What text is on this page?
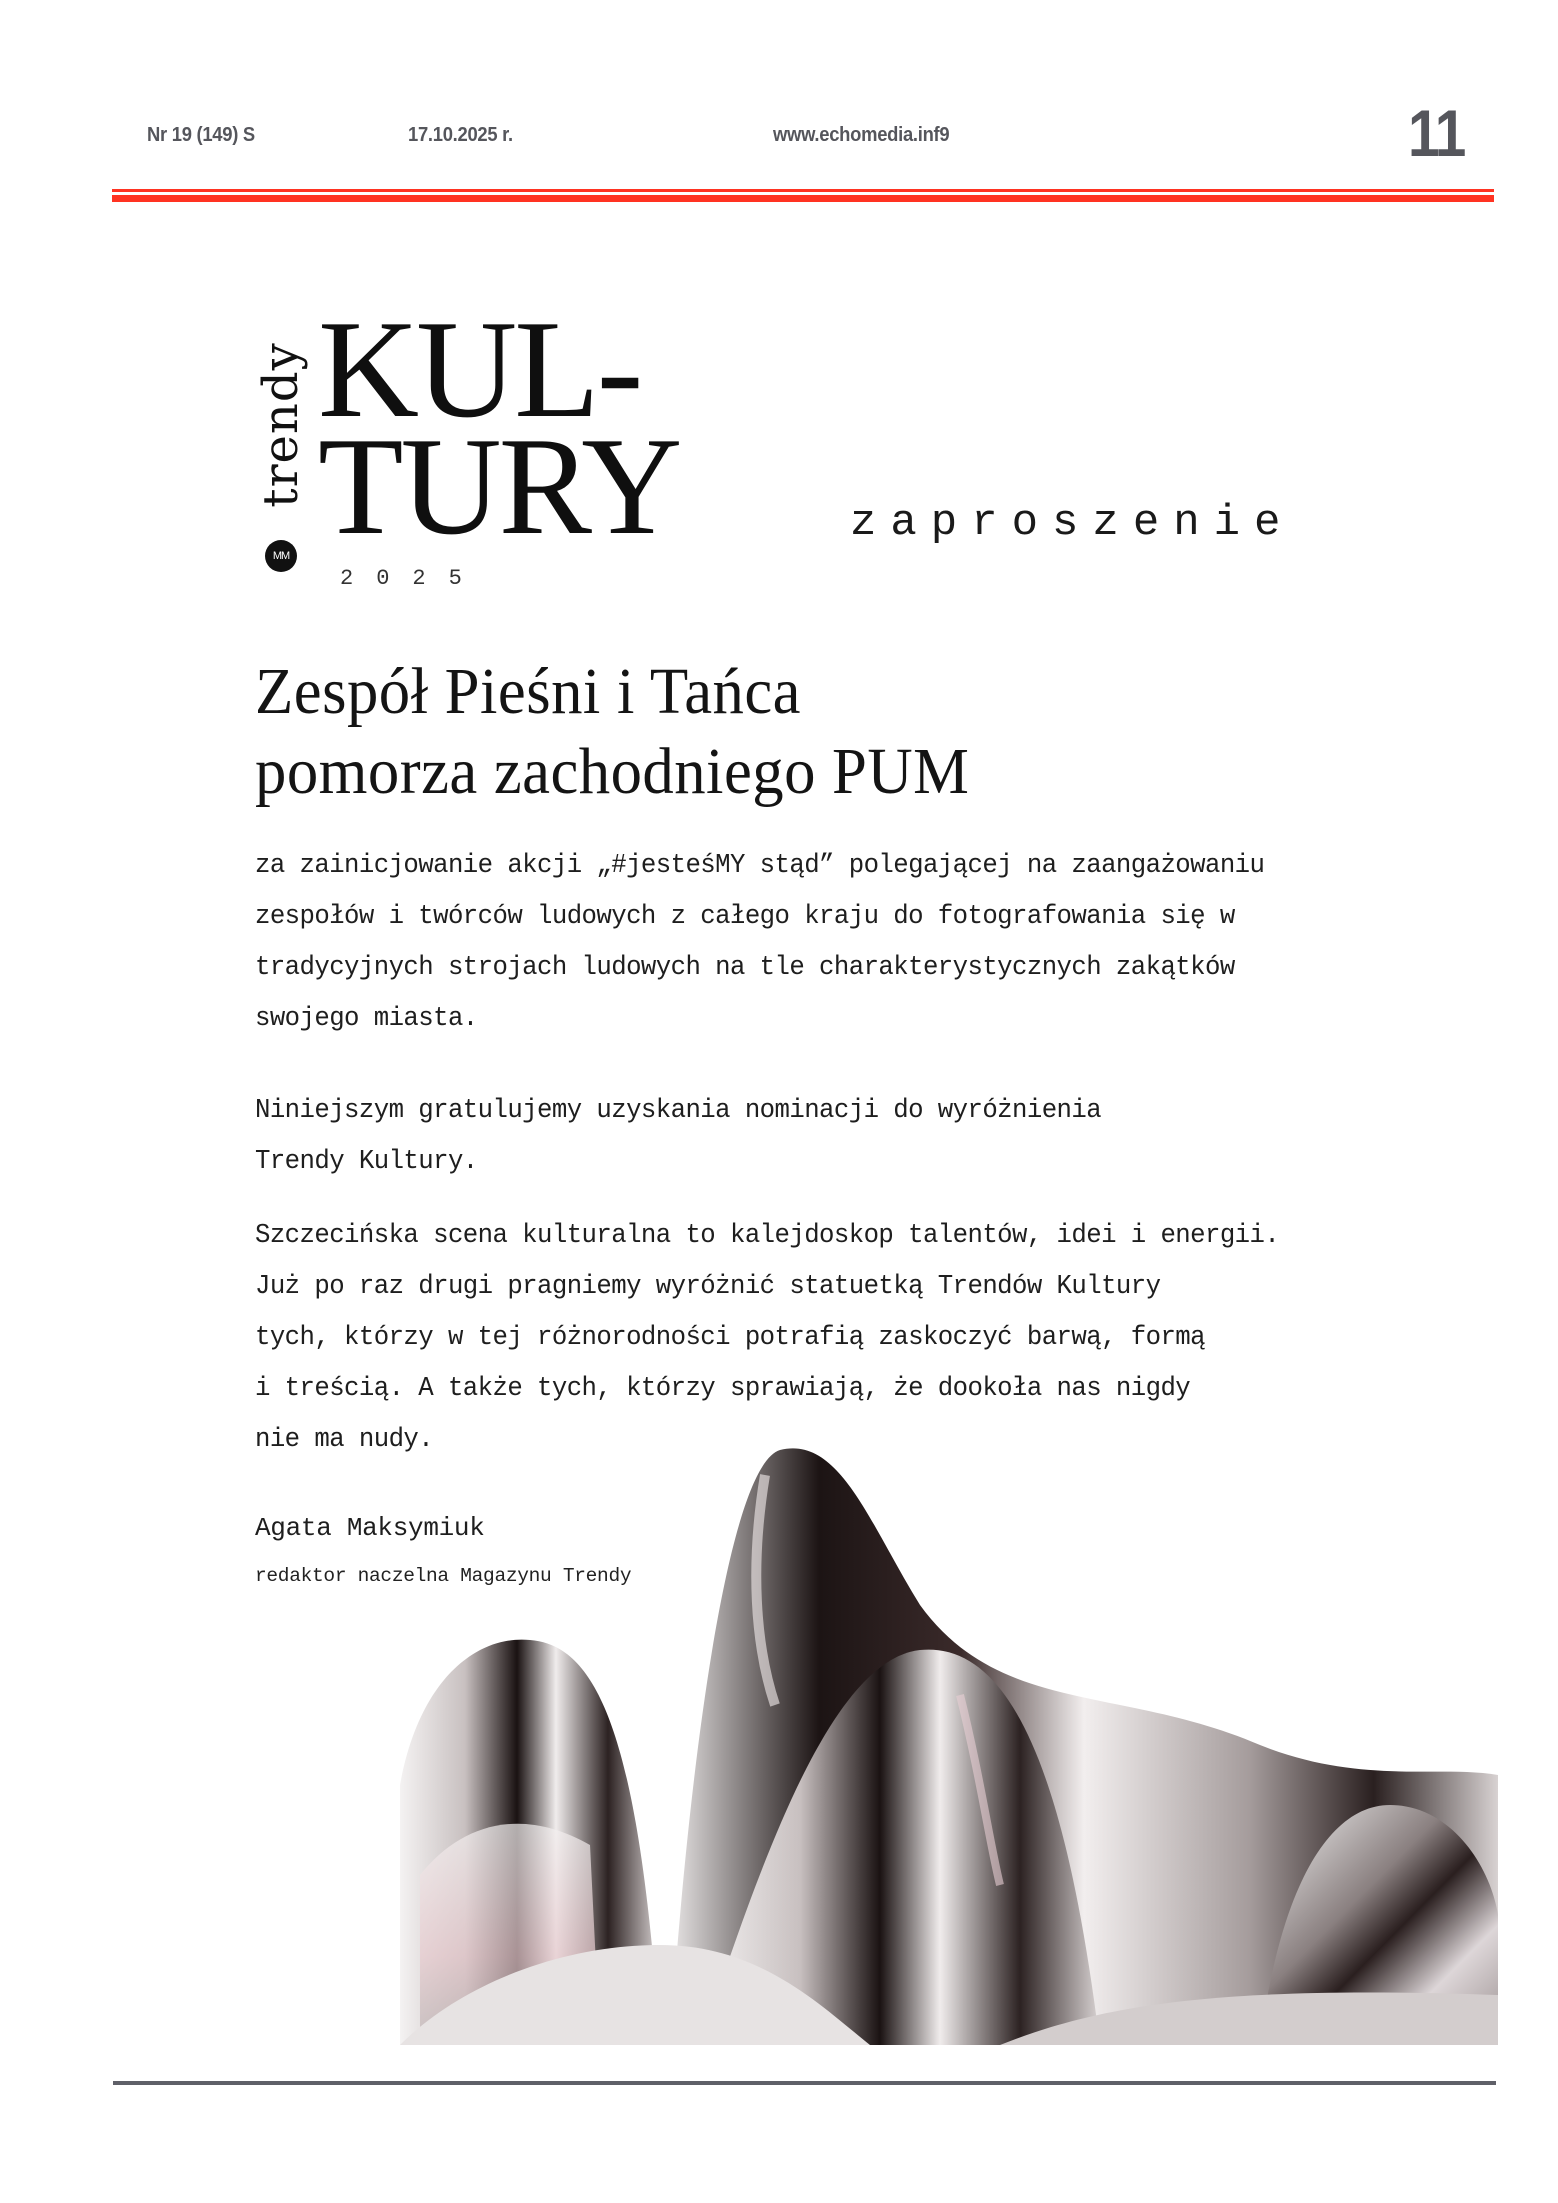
Nr 19 (149) S	17.10.2025 r.	www.echomedia.inf9	11
trendy
MM
KUL-
TURY
2025
zaproszenie
Zespół Pieśni i Tańca
pomorza zachodniego PUM

za zainicjowanie akcji „#jesteśMY stąd” polegającej na zaangażowaniu

zespołów i twórców ludowych z całego kraju do fotografowania się w

tradycyjnych strojach ludowych na tle charakterystycznych zakątków

swojego miasta.

Niniejszym gratulujemy uzyskania nominacji do wyróżnienia

Trendy Kultury.

Szczecińska scena kulturalna to kalejdoskop talentów, idei i energii.

Już po raz drugi pragniemy wyróżnić statuetką Trendów Kultury

tych, którzy w tej różnorodności potrafią zaskoczyć barwą, formą

i treścią. A także tych, którzy sprawiają, że dookoła nas nigdy

nie ma nudy.

Agata Maksymiuk
redaktor naczelna Magazynu Trendy
